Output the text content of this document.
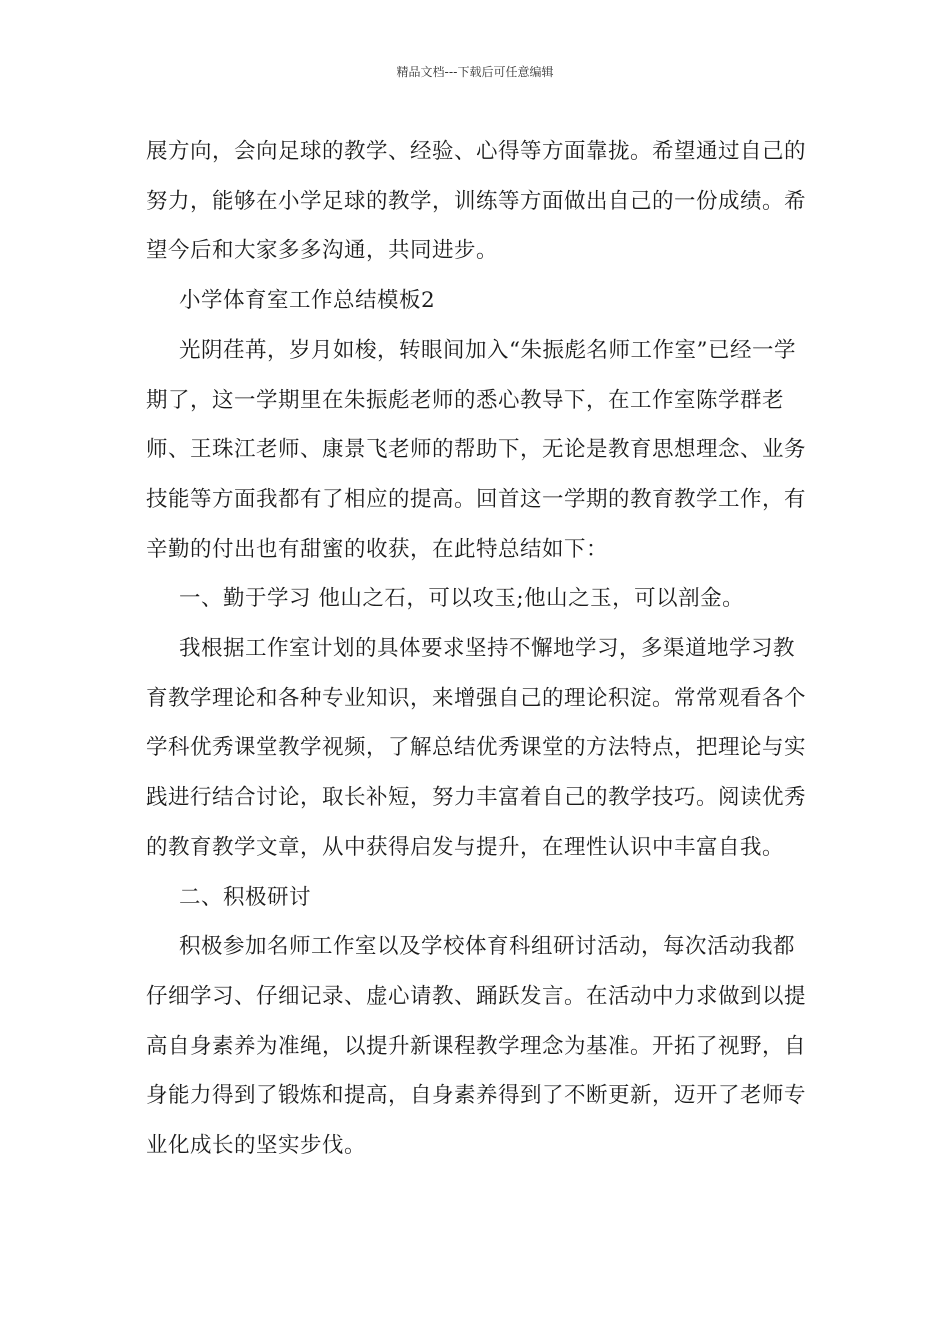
精品文档---下载后可任意编辑

展方向，会向足球的教学、经验、心得等方面靠拢。希望通过自己的努力，能够在小学足球的教学，训练等方面做出自己的一份成绩。希望今后和大家多多沟通，共同进步。

小学体育室工作总结模板2

光阴荏苒，岁月如梭，转眼间加入“朱振彪名师工作室”已经一学期了，这一学期里在朱振彪老师的悉心教导下，在工作室陈学群老师、王珠江老师、康景飞老师的帮助下，无论是教育思想理念、业务技能等方面我都有了相应的提高。回首这一学期的教育教学工作，有辛勤的付出也有甜蜜的收获，在此特总结如下：

一、勤于学习 他山之石，可以攻玉;他山之玉，可以剖金。

我根据工作室计划的具体要求坚持不懈地学习，多渠道地学习教育教学理论和各种专业知识，来增强自己的理论积淀。常常观看各个学科优秀课堂教学视频，了解总结优秀课堂的方法特点，把理论与实践进行结合讨论，取长补短，努力丰富着自己的教学技巧。阅读优秀的教育教学文章，从中获得启发与提升，在理性认识中丰富自我。

二、积极研讨

积极参加名师工作室以及学校体育科组研讨活动，每次活动我都仔细学习、仔细记录、虚心请教、踊跃发言。在活动中力求做到以提高自身素养为准绳，以提升新课程教学理念为基准。开拓了视野，自身能力得到了锻炼和提高，自身素养得到了不断更新，迈开了老师专业化成长的坚实步伐。
